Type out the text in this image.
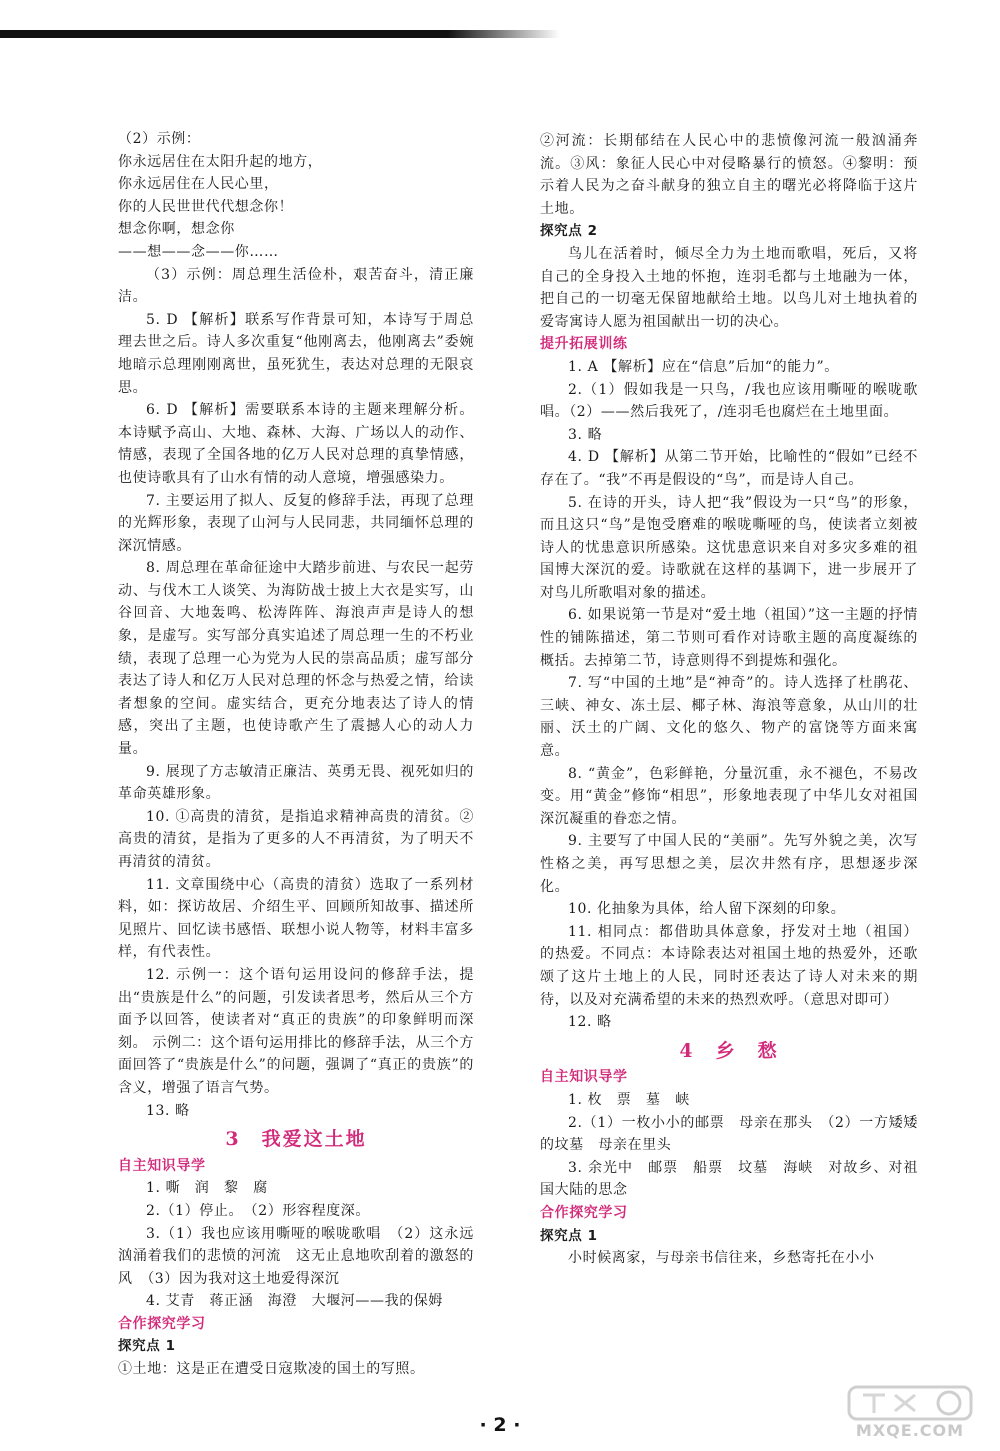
（2）示例：

你永远居住在太阳升起的地方，

你永远居住在人民心里，

你的人民世世代代想念你！

想念你啊，想念你

——想——念——你……

（3）示例：周总理生活俭朴，艰苦奋斗，清正廉洁。

5. D 【解析】联系写作背景可知，本诗写于周总理去世之后。诗人多次重复“他刚离去，他刚离去”委婉地暗示总理刚刚离世，虽死犹生，表达对总理的无限哀思。

6. D 【解析】需要联系本诗的主题来理解分析。本诗赋予高山、大地、森林、大海、广场以人的动作、情感，表现了全国各地的亿万人民对总理的真挚情感，也使诗歌具有了山水有情的动人意境，增强感染力。

7. 主要运用了拟人、反复的修辞手法，再现了总理的光辉形象，表现了山河与人民同悲，共同缅怀总理的深沉情感。

8. 周总理在革命征途中大踏步前进、与农民一起劳动、与伐木工人谈笑、为海防战士披上大衣是实写，山谷回音、大地轰鸣、松涛阵阵、海浪声声是诗人的想象，是虚写。实写部分真实追述了周总理一生的不朽业绩，表现了总理一心为党为人民的崇高品质；虚写部分表达了诗人和亿万人民对总理的怀念与热爱之情，给读者想象的空间。虚实结合，更充分地表达了诗人的情感，突出了主题，也使诗歌产生了震撼人心的动人力量。

9. 展现了方志敏清正廉洁、英勇无畏、视死如归的革命英雄形象。

10. ①高贵的清贫，是指追求精神高贵的清贫。②高贵的清贫，是指为了更多的人不再清贫，为了明天不再清贫的清贫。

11. 文章围绕中心（高贵的清贫）选取了一系列材料，如：探访故居、介绍生平、回顾所知故事、描述所见照片、回忆读书感悟、联想小说人物等，材料丰富多样，有代表性。

12. 示例一：这个语句运用设问的修辞手法，提出“贵族是什么”的问题，引发读者思考，然后从三个方面予以回答，使读者对“真正的贵族”的印象鲜明而深刻。 示例二：这个语句运用排比的修辞手法，从三个方面回答了“贵族是什么”的问题，强调了“真正的贵族”的含义，增强了语言气势。

13. 略

3　我爱这土地

自主知识导学

1. 嘶　润　黎　腐

2.（1）停止。　（2）形容程度深。

3.（1）我也应该用嘶哑的喉咙歌唱　（2）这永远汹涌着我们的悲愤的河流　这无止息地吹刮着的激怒的风　（3）因为我对这土地爱得深沉

4. 艾青　蒋正涵　海澄　大堰河——我的保姆

合作探究学习

探究点 1

①土地：这是正在遭受日寇欺凌的国土的写照。

②河流：长期郁结在人民心中的悲愤像河流一般汹涌奔流。③风：象征人民心中对侵略暴行的愤怒。④黎明：预示着人民为之奋斗献身的独立自主的曙光必将降临于这片土地。

探究点 2

鸟儿在活着时，倾尽全力为土地而歌唱，死后，又将自己的全身投入土地的怀抱，连羽毛都与土地融为一体，把自己的一切毫无保留地献给土地。以鸟儿对土地执着的爱寄寓诗人愿为祖国献出一切的决心。

提升拓展训练

1. A 【解析】应在“信息”后加“的能力”。

2.（1）假如我是一只鸟，/我也应该用嘶哑的喉咙歌唱。（2）——然后我死了，/连羽毛也腐烂在土地里面。

3. 略

4. D 【解析】从第二节开始，比喻性的“假如”已经不存在了。“我”不再是假设的“鸟”，而是诗人自己。

5. 在诗的开头，诗人把“我”假设为一只“鸟”的形象，而且这只“鸟”是饱受磨难的喉咙嘶哑的鸟，使读者立刻被诗人的忧患意识所感染。这忧患意识来自对多灾多难的祖国博大深沉的爱。诗歌就在这样的基调下，进一步展开了对鸟儿所歌唱对象的描述。

6. 如果说第一节是对“爱土地（祖国）”这一主题的抒情性的铺陈描述，第二节则可看作对诗歌主题的高度凝练的概括。去掉第二节，诗意则得不到提炼和强化。

7. 写“中国的土地”是“神奇”的。诗人选择了杜鹃花、三峡、神女、冻土层、椰子林、海浪等意象，从山川的壮丽、沃土的广阔、文化的悠久、物产的富饶等方面来寓意。

8. “黄金”，色彩鲜艳，分量沉重，永不褪色，不易改变。用“黄金”修饰“相思”，形象地表现了中华儿女对祖国深沉凝重的眷恋之情。

9. 主要写了中国人民的“美丽”。先写外貌之美，次写性格之美，再写思想之美，层次井然有序，思想逐步深化。

10. 化抽象为具体，给人留下深刻的印象。

11. 相同点：都借助具体意象，抒发对土地（祖国）的热爱。不同点：本诗除表达对祖国土地的热爱外，还歌颂了这片土地上的人民，同时还表达了诗人对未来的期待，以及对充满希望的未来的热烈欢呼。（意思对即可）

12. 略

4　乡　愁

自主知识导学

1. 枚　票　墓　峡

2.（1）一枚小小的邮票　母亲在那头　（2）一方矮矮的坟墓　母亲在里头

3. 余光中　邮票　船票　坟墓　海峡　对故乡、对祖国大陆的思念

合作探究学习

探究点 1

小时候离家，与母亲书信往来，乡愁寄托在小小

· 2 ·	MXQE.COM
